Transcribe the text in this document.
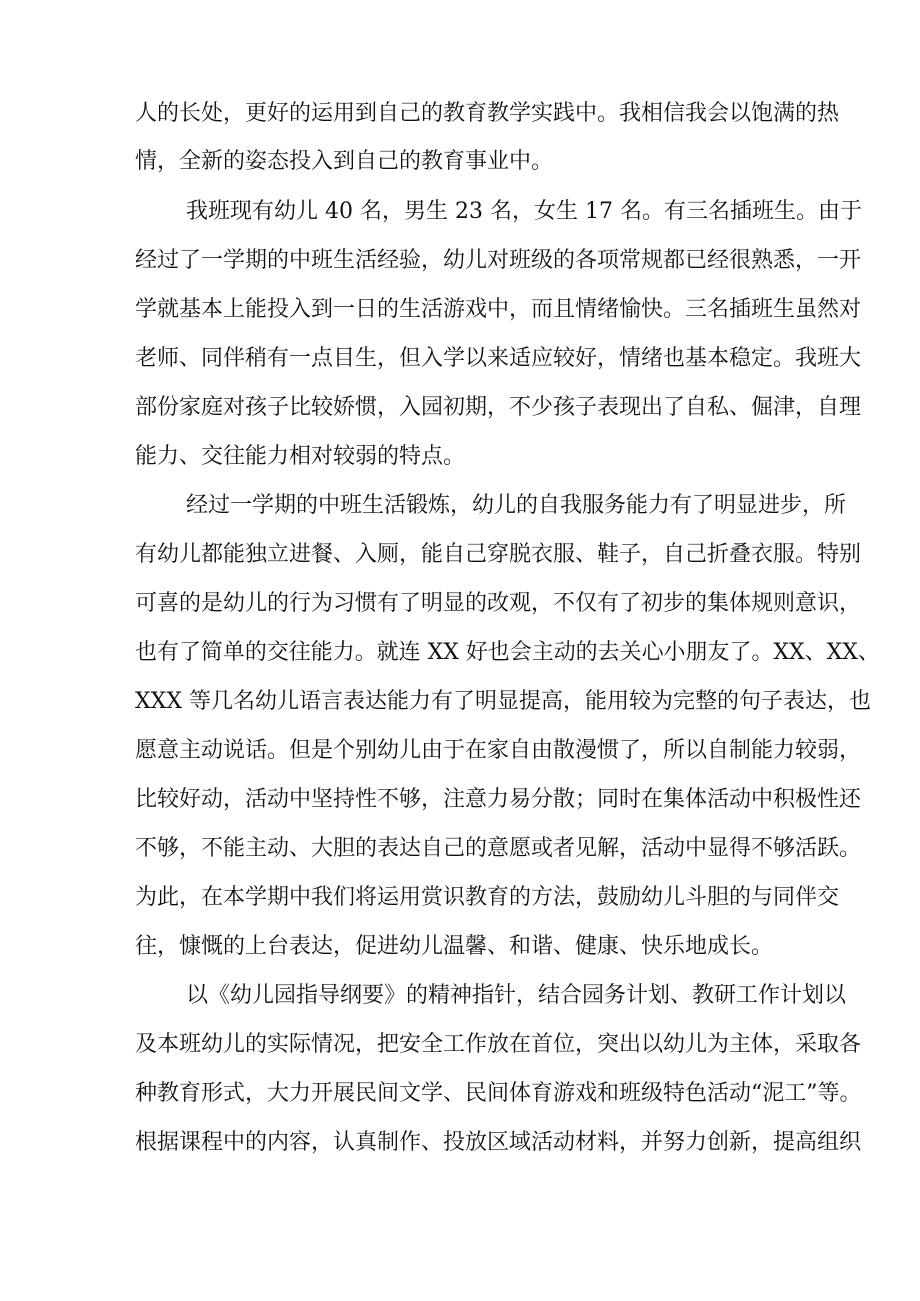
人的长处，更好的运用到自己的教育教学实践中。我相信我会以饱满的热
情，全新的姿态投入到自己的教育事业中。
我班现有幼儿 40 名，男生 23 名，女生 17 名。有三名插班生。由于
经过了一学期的中班生活经验，幼儿对班级的各项常规都已经很熟悉，一开
学就基本上能投入到一日的生活游戏中，而且情绪愉快。三名插班生虽然对
老师、同伴稍有一点目生，但入学以来适应较好，情绪也基本稳定。我班大
部份家庭对孩子比较娇惯，入园初期，不少孩子表现出了自私、倔津，自理
能力、交往能力相对较弱的特点。
经过一学期的中班生活锻炼，幼儿的自我服务能力有了明显进步，所
有幼儿都能独立进餐、入厕，能自己穿脱衣服、鞋子，自己折叠衣服。特别
可喜的是幼儿的行为习惯有了明显的改观，不仅有了初步的集体规则意识，
也有了简单的交往能力。就连 XX 好也会主动的去关心小朋友了。XX、XX、
XXX 等几名幼儿语言表达能力有了明显提高，能用较为完整的句子表达，也
愿意主动说话。但是个别幼儿由于在家自由散漫惯了，所以自制能力较弱，
比较好动，活动中坚持性不够，注意力易分散；同时在集体活动中积极性还
不够，不能主动、大胆的表达自己的意愿或者见解，活动中显得不够活跃。
为此，在本学期中我们将运用赏识教育的方法，鼓励幼儿斗胆的与同伴交
往，慷慨的上台表达，促进幼儿温馨、和谐、健康、快乐地成长。
以《幼儿园指导纲要》的精神指针，结合园务计划、教研工作计划以
及本班幼儿的实际情况，把安全工作放在首位，突出以幼儿为主体，采取各
种教育形式，大力开展民间文学、民间体育游戏和班级特色活动“泥工”等。
根据课程中的内容，认真制作、投放区域活动材料，并努力创新，提高组织
